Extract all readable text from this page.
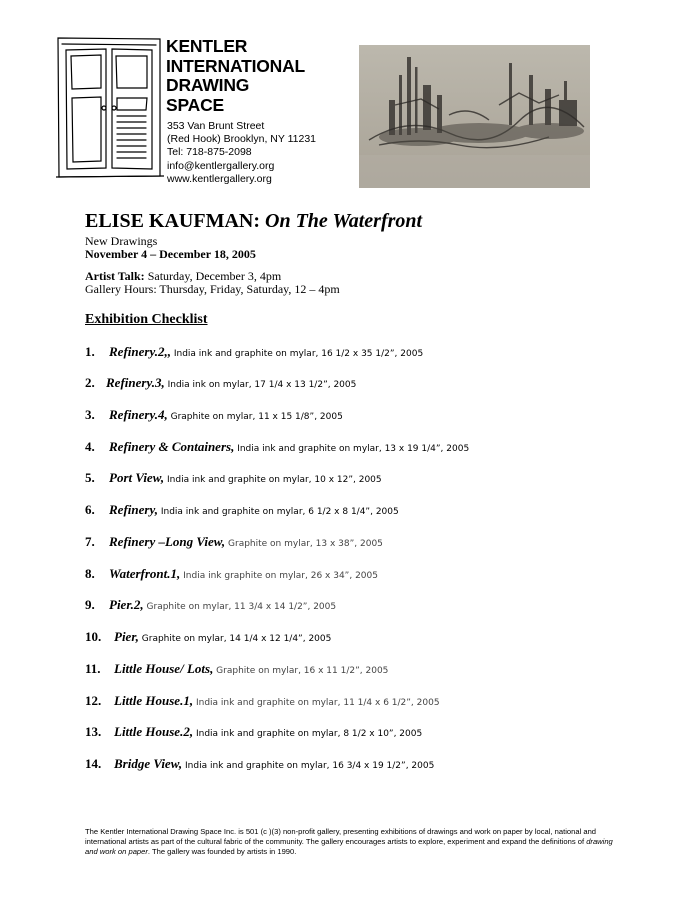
KENTLER
INTERNATIONAL
DRAWING
SPACE
353 Van Brunt Street
(Red Hook) Brooklyn, NY 11231
Tel: 718-875-2098
info@kentlergallery.org
www.kentlergallery.org
ELISE KAUFMAN: On The Waterfront
New Drawings
November 4 – December 18, 2005
Artist Talk: Saturday, December 3, 4pm
Gallery Hours: Thursday, Friday, Saturday, 12 – 4pm
Exhibition Checklist
1. Refinery.2,, India ink and graphite on mylar, 16 1/2 x 35 1/2”, 2005
2. Refinery.3, India ink on mylar, 17 1/4 x 13 1/2”, 2005
3. Refinery.4, Graphite on mylar, 11 x 15 1/8”, 2005
4. Refinery & Containers, India ink and graphite on mylar, 13 x 19 1/4”, 2005
5. Port View, India ink and graphite on mylar, 10 x 12”, 2005
6. Refinery, India ink and graphite on mylar, 6 1/2 x 8 1/4”, 2005
7. Refinery –Long View, Graphite on mylar, 13 x 38”, 2005
8. Waterfront.1, India ink graphite on mylar, 26 x 34”, 2005
9. Pier.2, Graphite on mylar, 11 3/4 x 14 1/2”, 2005
10. Pier, Graphite on mylar, 14 1/4 x 12 1/4”, 2005
11. Little House/ Lots, Graphite on mylar, 16 x 11 1/2”, 2005
12. Little House.1, India ink and graphite on mylar, 11 1/4 x 6 1/2”, 2005
13. Little House.2, India ink and graphite on mylar, 8 1/2 x 10”, 2005
14. Bridge View, India ink and graphite on mylar, 16 3/4 x 19 1/2”, 2005
The Kentler International Drawing Space Inc. is 501 (c )(3) non-profit gallery, presenting exhibitions of drawings and work on paper by local, national and international artists as part of the cultural fabric of the community. The gallery encourages artists to explore, experiment and expand the definitions of drawing and work on paper. The gallery was founded by artists in 1990.
